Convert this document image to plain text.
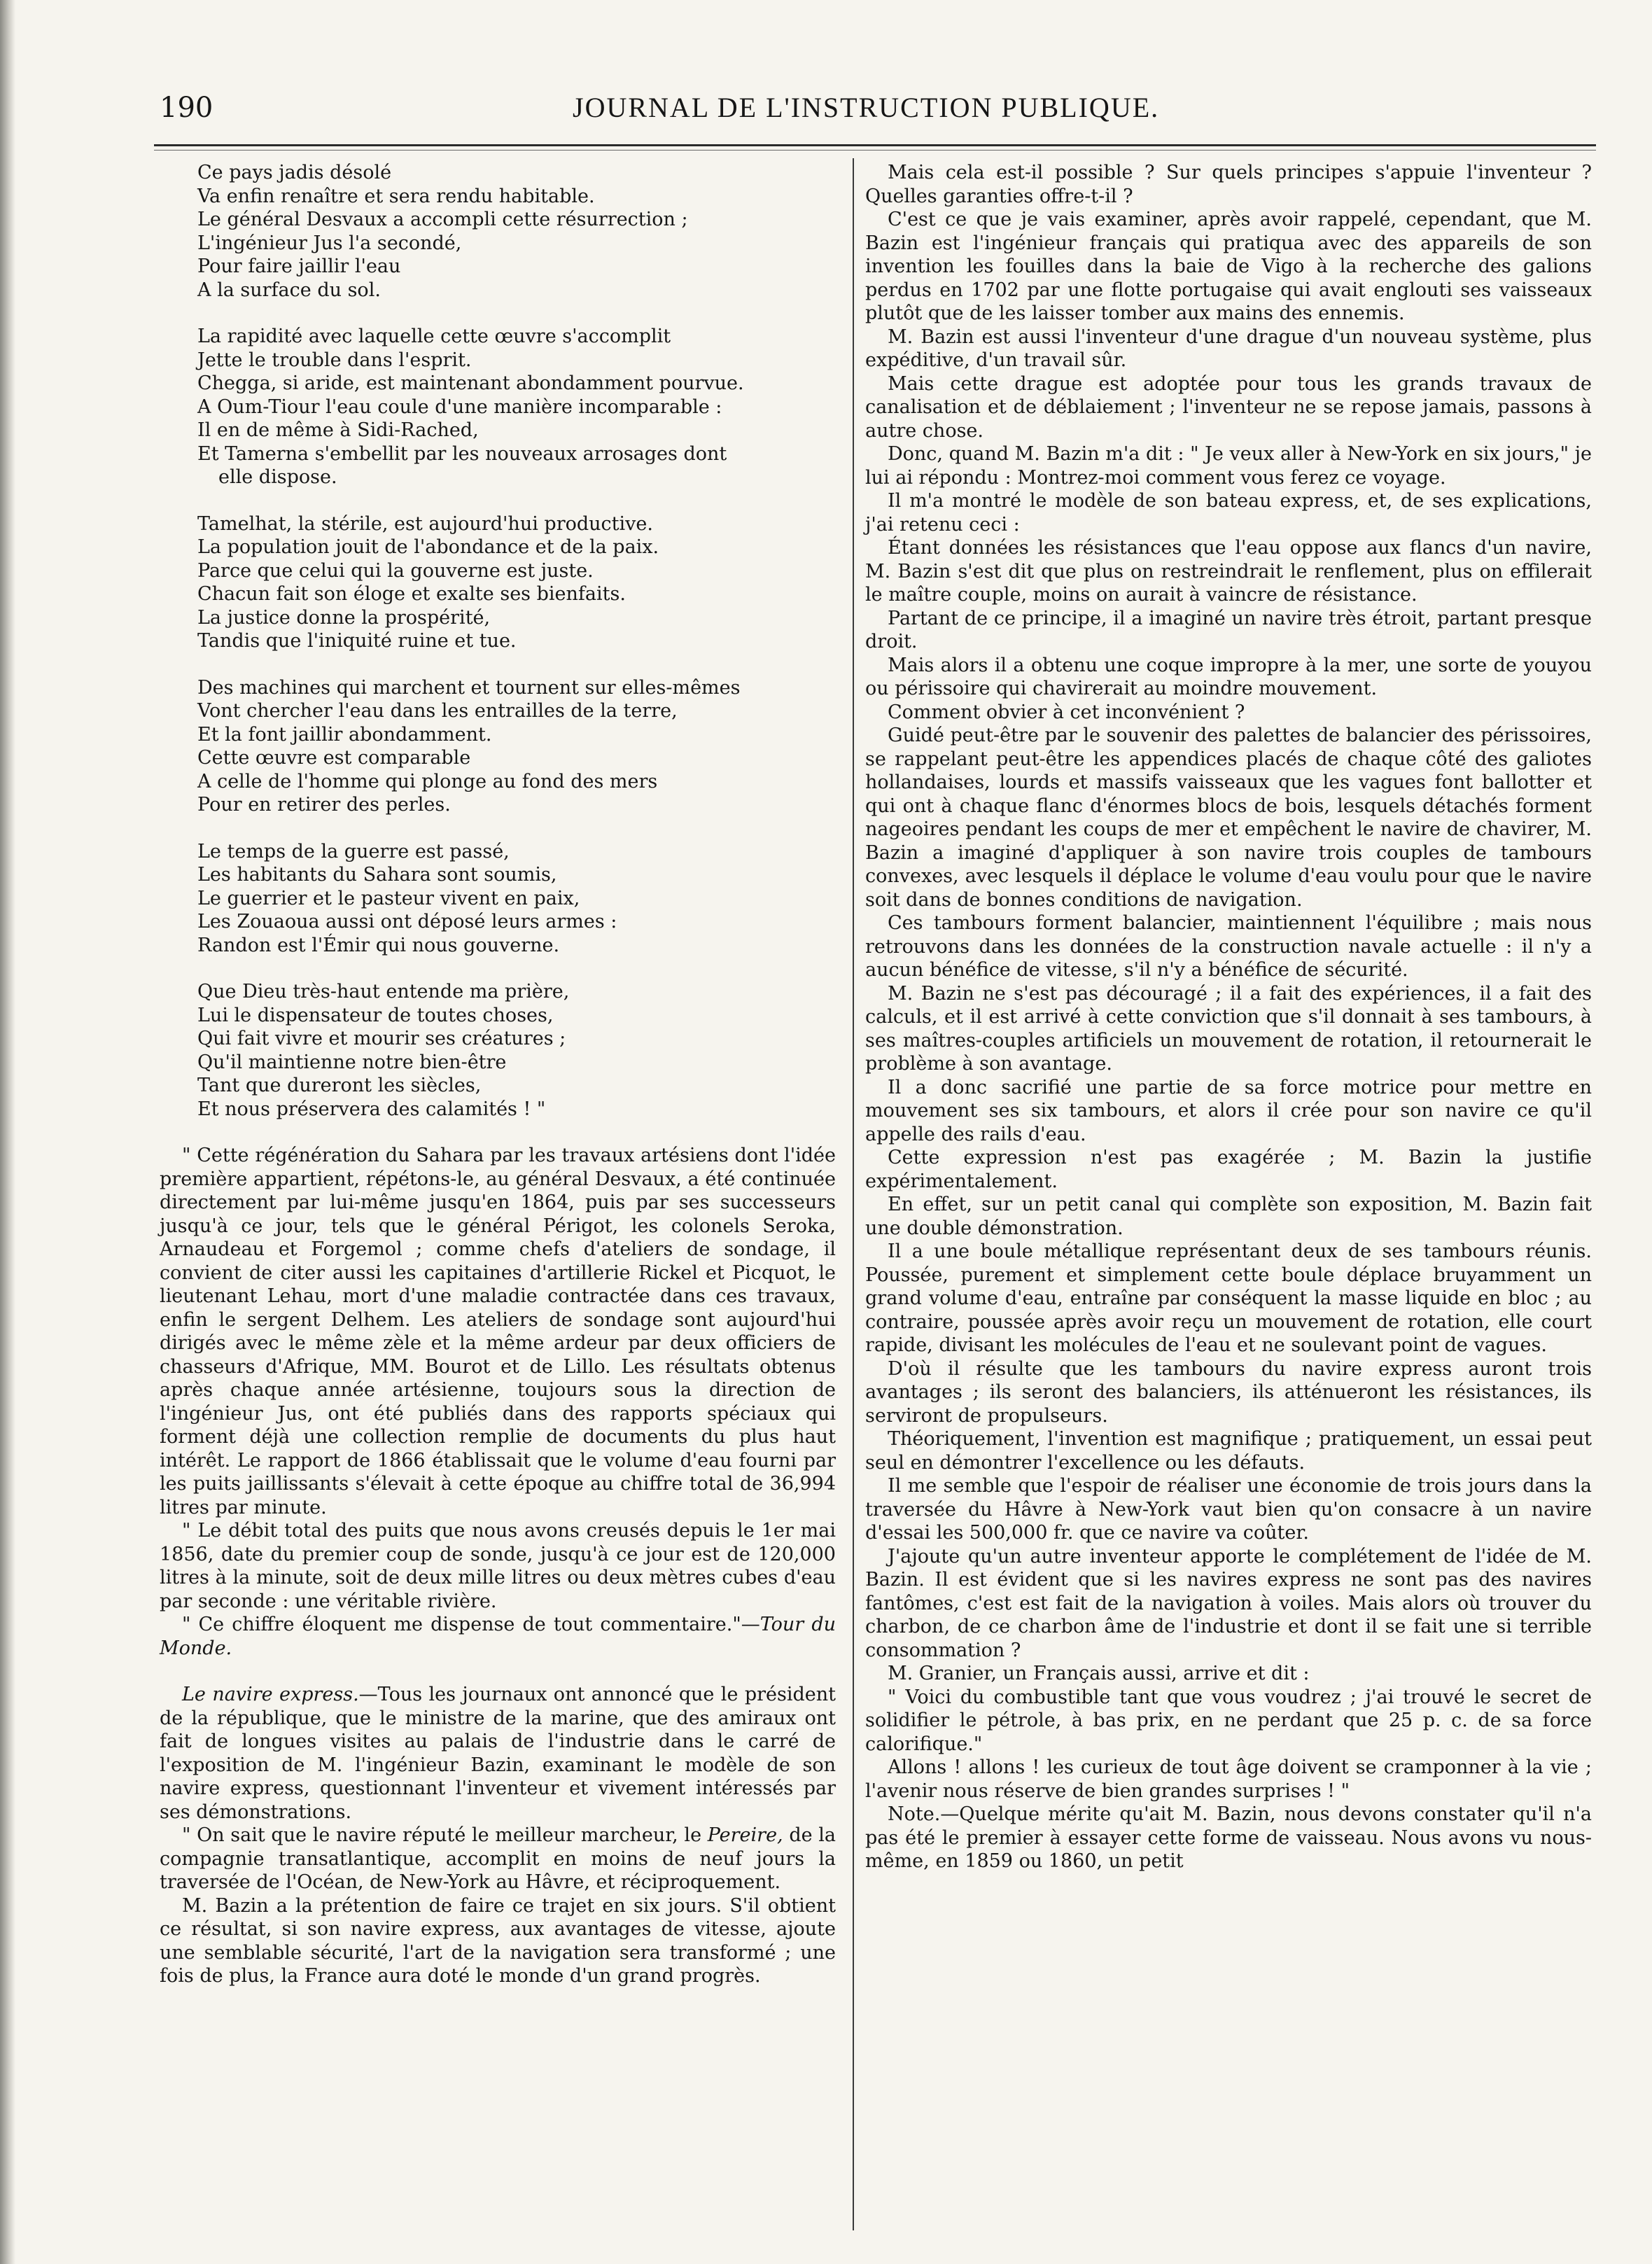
190	JOURNAL DE L'INSTRUCTION PUBLIQUE.
Ce pays jadis désolé
Va enfin renaître et sera rendu habitable.
Le général Desvaux a accompli cette résurrection ;
L'ingénieur Jus l'a secondé,
Pour faire jaillir l'eau
A la surface du sol.
La rapidité avec laquelle cette œuvre s'accomplit
Jette le trouble dans l'esprit.
Chegga, si aride, est maintenant abondamment pourvue.
A Oum-Tiour l'eau coule d'une manière incomparable :
Il en de même à Sidi-Rached,
Et Tamerna s'embellit par les nouveaux arrosages dont
elle dispose.
Tamelhat, la stérile, est aujourd'hui productive.
La population jouit de l'abondance et de la paix.
Parce que celui qui la gouverne est juste.
Chacun fait son éloge et exalte ses bienfaits.
La justice donne la prospérité,
Tandis que l'iniquité ruine et tue.
Des machines qui marchent et tournent sur elles-mêmes
Vont chercher l'eau dans les entrailles de la terre,
Et la font jaillir abondamment.
Cette œuvre est comparable
A celle de l'homme qui plonge au fond des mers
Pour en retirer des perles.
Le temps de la guerre est passé,
Les habitants du Sahara sont soumis,
Le guerrier et le pasteur vivent en paix,
Les Zouaoua aussi ont déposé leurs armes :
Randon est l'Émir qui nous gouverne.
Que Dieu très-haut entende ma prière,
Lui le dispensateur de toutes choses,
Qui fait vivre et mourir ses créatures ;
Qu'il maintienne notre bien-être
Tant que dureront les siècles,
Et nous préservera des calamités ! "

" Cette régénération du Sahara par les travaux artésiens dont l'idée première appartient, répétons-le, au général Desvaux, a été continuée directement par lui-même jusqu'en 1864, puis par ses successeurs jusqu'à ce jour, tels que le général Périgot, les colonels Seroka, Arnaudeau et Forgemol ; comme chefs d'ateliers de sondage, il convient de citer aussi les capitaines d'artillerie Rickel et Picquot, le lieutenant Lehau, mort d'une maladie contractée dans ces travaux, enfin le sergent Delhem. Les ateliers de sondage sont aujourd'hui dirigés avec le même zèle et la même ardeur par deux officiers de chasseurs d'Afrique, MM. Bourot et de Lillo. Les résultats obtenus après chaque année artésienne, toujours sous la direction de l'ingénieur Jus, ont été publiés dans des rapports spéciaux qui forment déjà une collection remplie de documents du plus haut intérêt. Le rapport de 1866 établissait que le volume d'eau fourni par les puits jaillissants s'élevait à cette époque au chiffre total de 36,994 litres par minute.

" Le débit total des puits que nous avons creusés depuis le 1er mai 1856, date du premier coup de sonde, jusqu'à ce jour est de 120,000 litres à la minute, soit de deux mille litres ou deux mètres cubes d'eau par seconde : une véritable rivière.

" Ce chiffre éloquent me dispense de tout commentaire."—Tour du Monde.

Le navire express.—Tous les journaux ont annoncé que le président de la république, que le ministre de la marine, que des amiraux ont fait de longues visites au palais de l'industrie dans le carré de l'exposition de M. l'ingénieur Bazin, examinant le modèle de son navire express, questionnant l'inventeur et vivement intéressés par ses démonstrations.

" On sait que le navire réputé le meilleur marcheur, le Pereire, de la compagnie transatlantique, accomplit en moins de neuf jours la traversée de l'Océan, de New-York au Hâvre, et réciproquement.

M. Bazin a la prétention de faire ce trajet en six jours. S'il obtient ce résultat, si son navire express, aux avantages de vitesse, ajoute une semblable sécurité, l'art de la navigation sera transformé ; une fois de plus, la France aura doté le monde d'un grand progrès.

Mais cela est-il possible ? Sur quels principes s'appuie l'inventeur ? Quelles garanties offre-t-il ?

C'est ce que je vais examiner, après avoir rappelé, cependant, que M. Bazin est l'ingénieur français qui pratiqua avec des appareils de son invention les fouilles dans la baie de Vigo à la recherche des galions perdus en 1702 par une flotte portugaise qui avait englouti ses vaisseaux plutôt que de les laisser tomber aux mains des ennemis.

M. Bazin est aussi l'inventeur d'une drague d'un nouveau système, plus expéditive, d'un travail sûr.

Mais cette drague est adoptée pour tous les grands travaux de canalisation et de déblaiement ; l'inventeur ne se repose jamais, passons à autre chose.

Donc, quand M. Bazin m'a dit : " Je veux aller à New-York en six jours," je lui ai répondu : Montrez-moi comment vous ferez ce voyage.

Il m'a montré le modèle de son bateau express, et, de ses explications, j'ai retenu ceci :

Étant données les résistances que l'eau oppose aux flancs d'un navire, M. Bazin s'est dit que plus on restreindrait le renflement, plus on effilerait le maître couple, moins on aurait à vaincre de résistance.

Partant de ce principe, il a imaginé un navire très étroit, partant presque droit.

Mais alors il a obtenu une coque impropre à la mer, une sorte de youyou ou périssoire qui chavirerait au moindre mouvement.

Comment obvier à cet inconvénient ?

Guidé peut-être par le souvenir des palettes de balancier des périssoires, se rappelant peut-être les appendices placés de chaque côté des galiotes hollandaises, lourds et massifs vaisseaux que les vagues font ballotter et qui ont à chaque flanc d'énormes blocs de bois, lesquels détachés forment nageoires pendant les coups de mer et empêchent le navire de chavirer, M. Bazin a imaginé d'appliquer à son navire trois couples de tambours convexes, avec lesquels il déplace le volume d'eau voulu pour que le navire soit dans de bonnes conditions de navigation.

Ces tambours forment balancier, maintiennent l'équilibre ; mais nous retrouvons dans les données de la construction navale actuelle : il n'y a aucun bénéfice de vitesse, s'il n'y a bénéfice de sécurité.

M. Bazin ne s'est pas découragé ; il a fait des expériences, il a fait des calculs, et il est arrivé à cette conviction que s'il donnait à ses tambours, à ses maîtres-couples artificiels un mouvement de rotation, il retournerait le problème à son avantage.

Il a donc sacrifié une partie de sa force motrice pour mettre en mouvement ses six tambours, et alors il crée pour son navire ce qu'il appelle des rails d'eau.

Cette expression n'est pas exagérée ; M. Bazin la justifie expérimentalement.

En effet, sur un petit canal qui complète son exposition, M. Bazin fait une double démonstration.

Il a une boule métallique représentant deux de ses tambours réunis. Poussée, purement et simplement cette boule déplace bruyamment un grand volume d'eau, entraîne par conséquent la masse liquide en bloc ; au contraire, poussée après avoir reçu un mouvement de rotation, elle court rapide, divisant les molécules de l'eau et ne soulevant point de vagues.

D'où il résulte que les tambours du navire express auront trois avantages ; ils seront des balanciers, ils atténueront les résistances, ils serviront de propulseurs.

Théoriquement, l'invention est magnifique ; pratiquement, un essai peut seul en démontrer l'excellence ou les défauts.

Il me semble que l'espoir de réaliser une économie de trois jours dans la traversée du Hâvre à New-York vaut bien qu'on consacre à un navire d'essai les 500,000 fr. que ce navire va coûter.

J'ajoute qu'un autre inventeur apporte le complétement de l'idée de M. Bazin. Il est évident que si les navires express ne sont pas des navires fantômes, c'est est fait de la navigation à voiles. Mais alors où trouver du charbon, de ce charbon âme de l'industrie et dont il se fait une si terrible consommation ?

M. Granier, un Français aussi, arrive et dit :

" Voici du combustible tant que vous voudrez ; j'ai trouvé le secret de solidifier le pétrole, à bas prix, en ne perdant que 25 p. c. de sa force calorifique."

Allons ! allons ! les curieux de tout âge doivent se cramponner à la vie ; l'avenir nous réserve de bien grandes surprises ! "

Note.—Quelque mérite qu'ait M. Bazin, nous devons constater qu'il n'a pas été le premier à essayer cette forme de vaisseau. Nous avons vu nous-même, en 1859 ou 1860, un petit
